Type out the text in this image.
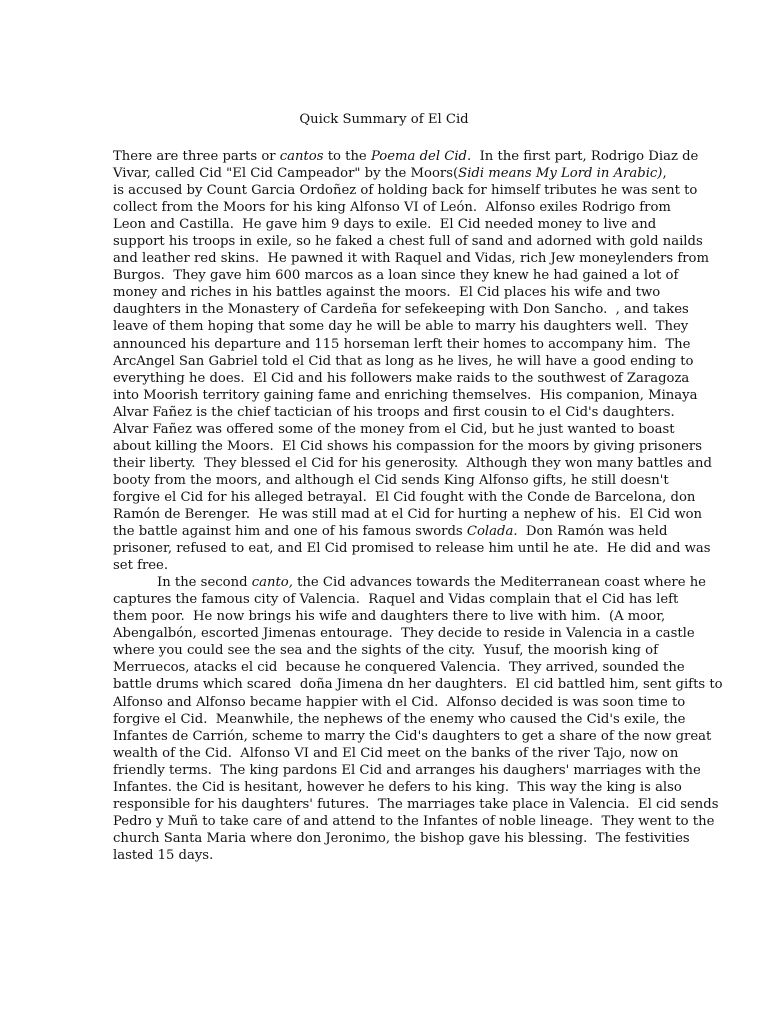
Quick Summary of El Cid

There are three parts or cantos to the Poema del Cid.  In the first part, Rodrigo Diaz de
Vivar, called Cid "El Cid Campeador" by the Moors(Sidi means My Lord in Arabic),
is accused by Count Garcia Ordoñez of holding back for himself tributes he was sent to
collect from the Moors for his king Alfonso VI of León.  Alfonso exiles Rodrigo from
Leon and Castilla.  He gave him 9 days to exile.  El Cid needed money to live and
support his troops in exile, so he faked a chest full of sand and adorned with gold nailds
and leather red skins.  He pawned it with Raquel and Vidas, rich Jew moneylenders from
Burgos.  They gave him 600 marcos as a loan since they knew he had gained a lot of
money and riches in his battles against the moors.  El Cid places his wife and two
daughters in the Monastery of Cardeña for sefekeeping with Don Sancho.  , and takes
leave of them hoping that some day he will be able to marry his daughters well.  They
announced his departure and 115 horseman lerft their homes to accompany him.  The
ArcAngel San Gabriel told el Cid that as long as he lives, he will have a good ending to
everything he does.  El Cid and his followers make raids to the southwest of Zaragoza
into Moorish territory gaining fame and enriching themselves.  His companion, Minaya
Alvar Fañez is the chief tactician of his troops and first cousin to el Cid's daughters.
Alvar Fañez was offered some of the money from el Cid, but he just wanted to boast
about killing the Moors.  El Cid shows his compassion for the moors by giving prisoners
their liberty.  They blessed el Cid for his generosity.  Although they won many battles and
booty from the moors, and although el Cid sends King Alfonso gifts, he still doesn't
forgive el Cid for his alleged betrayal.  El Cid fought with the Conde de Barcelona, don
Ramón de Berenger.  He was still mad at el Cid for hurting a nephew of his.  El Cid won
the battle against him and one of his famous swords Colada.  Don Ramón was held
prisoner, refused to eat, and El Cid promised to release him until he ate.  He did and was
set free.

In the second canto, the Cid advances towards the Mediterranean coast where he
captures the famous city of Valencia.  Raquel and Vidas complain that el Cid has left
them poor.  He now brings his wife and daughters there to live with him.  (A moor,
Abengalbón, escorted Jimenas entourage.  They decide to reside in Valencia in a castle
where you could see the sea and the sights of the city.  Yusuf, the moorish king of
Merruecos, atacks el cid  because he conquered Valencia.  They arrived, sounded the
battle drums which scared  doña Jimena dn her daughters.  El cid battled him, sent gifts to
Alfonso and Alfonso became happier with el Cid.  Alfonso decided is was soon time to
forgive el Cid.  Meanwhile, the nephews of the enemy who caused the Cid's exile, the
Infantes de Carrión, scheme to marry the Cid's daughters to get a share of the now great
wealth of the Cid.  Alfonso VI and El Cid meet on the banks of the river Tajo, now on
friendly terms.  The king pardons El Cid and arranges his daughers' marriages with the
Infantes. the Cid is hesitant, however he defers to his king.  This way the king is also
responsible for his daughters' futures.  The marriages take place in Valencia.  El cid sends
Pedro y Muñ to take care of and attend to the Infantes of noble lineage.  They went to the
church Santa Maria where don Jeronimo, the bishop gave his blessing.  The festivities
lasted 15 days.
